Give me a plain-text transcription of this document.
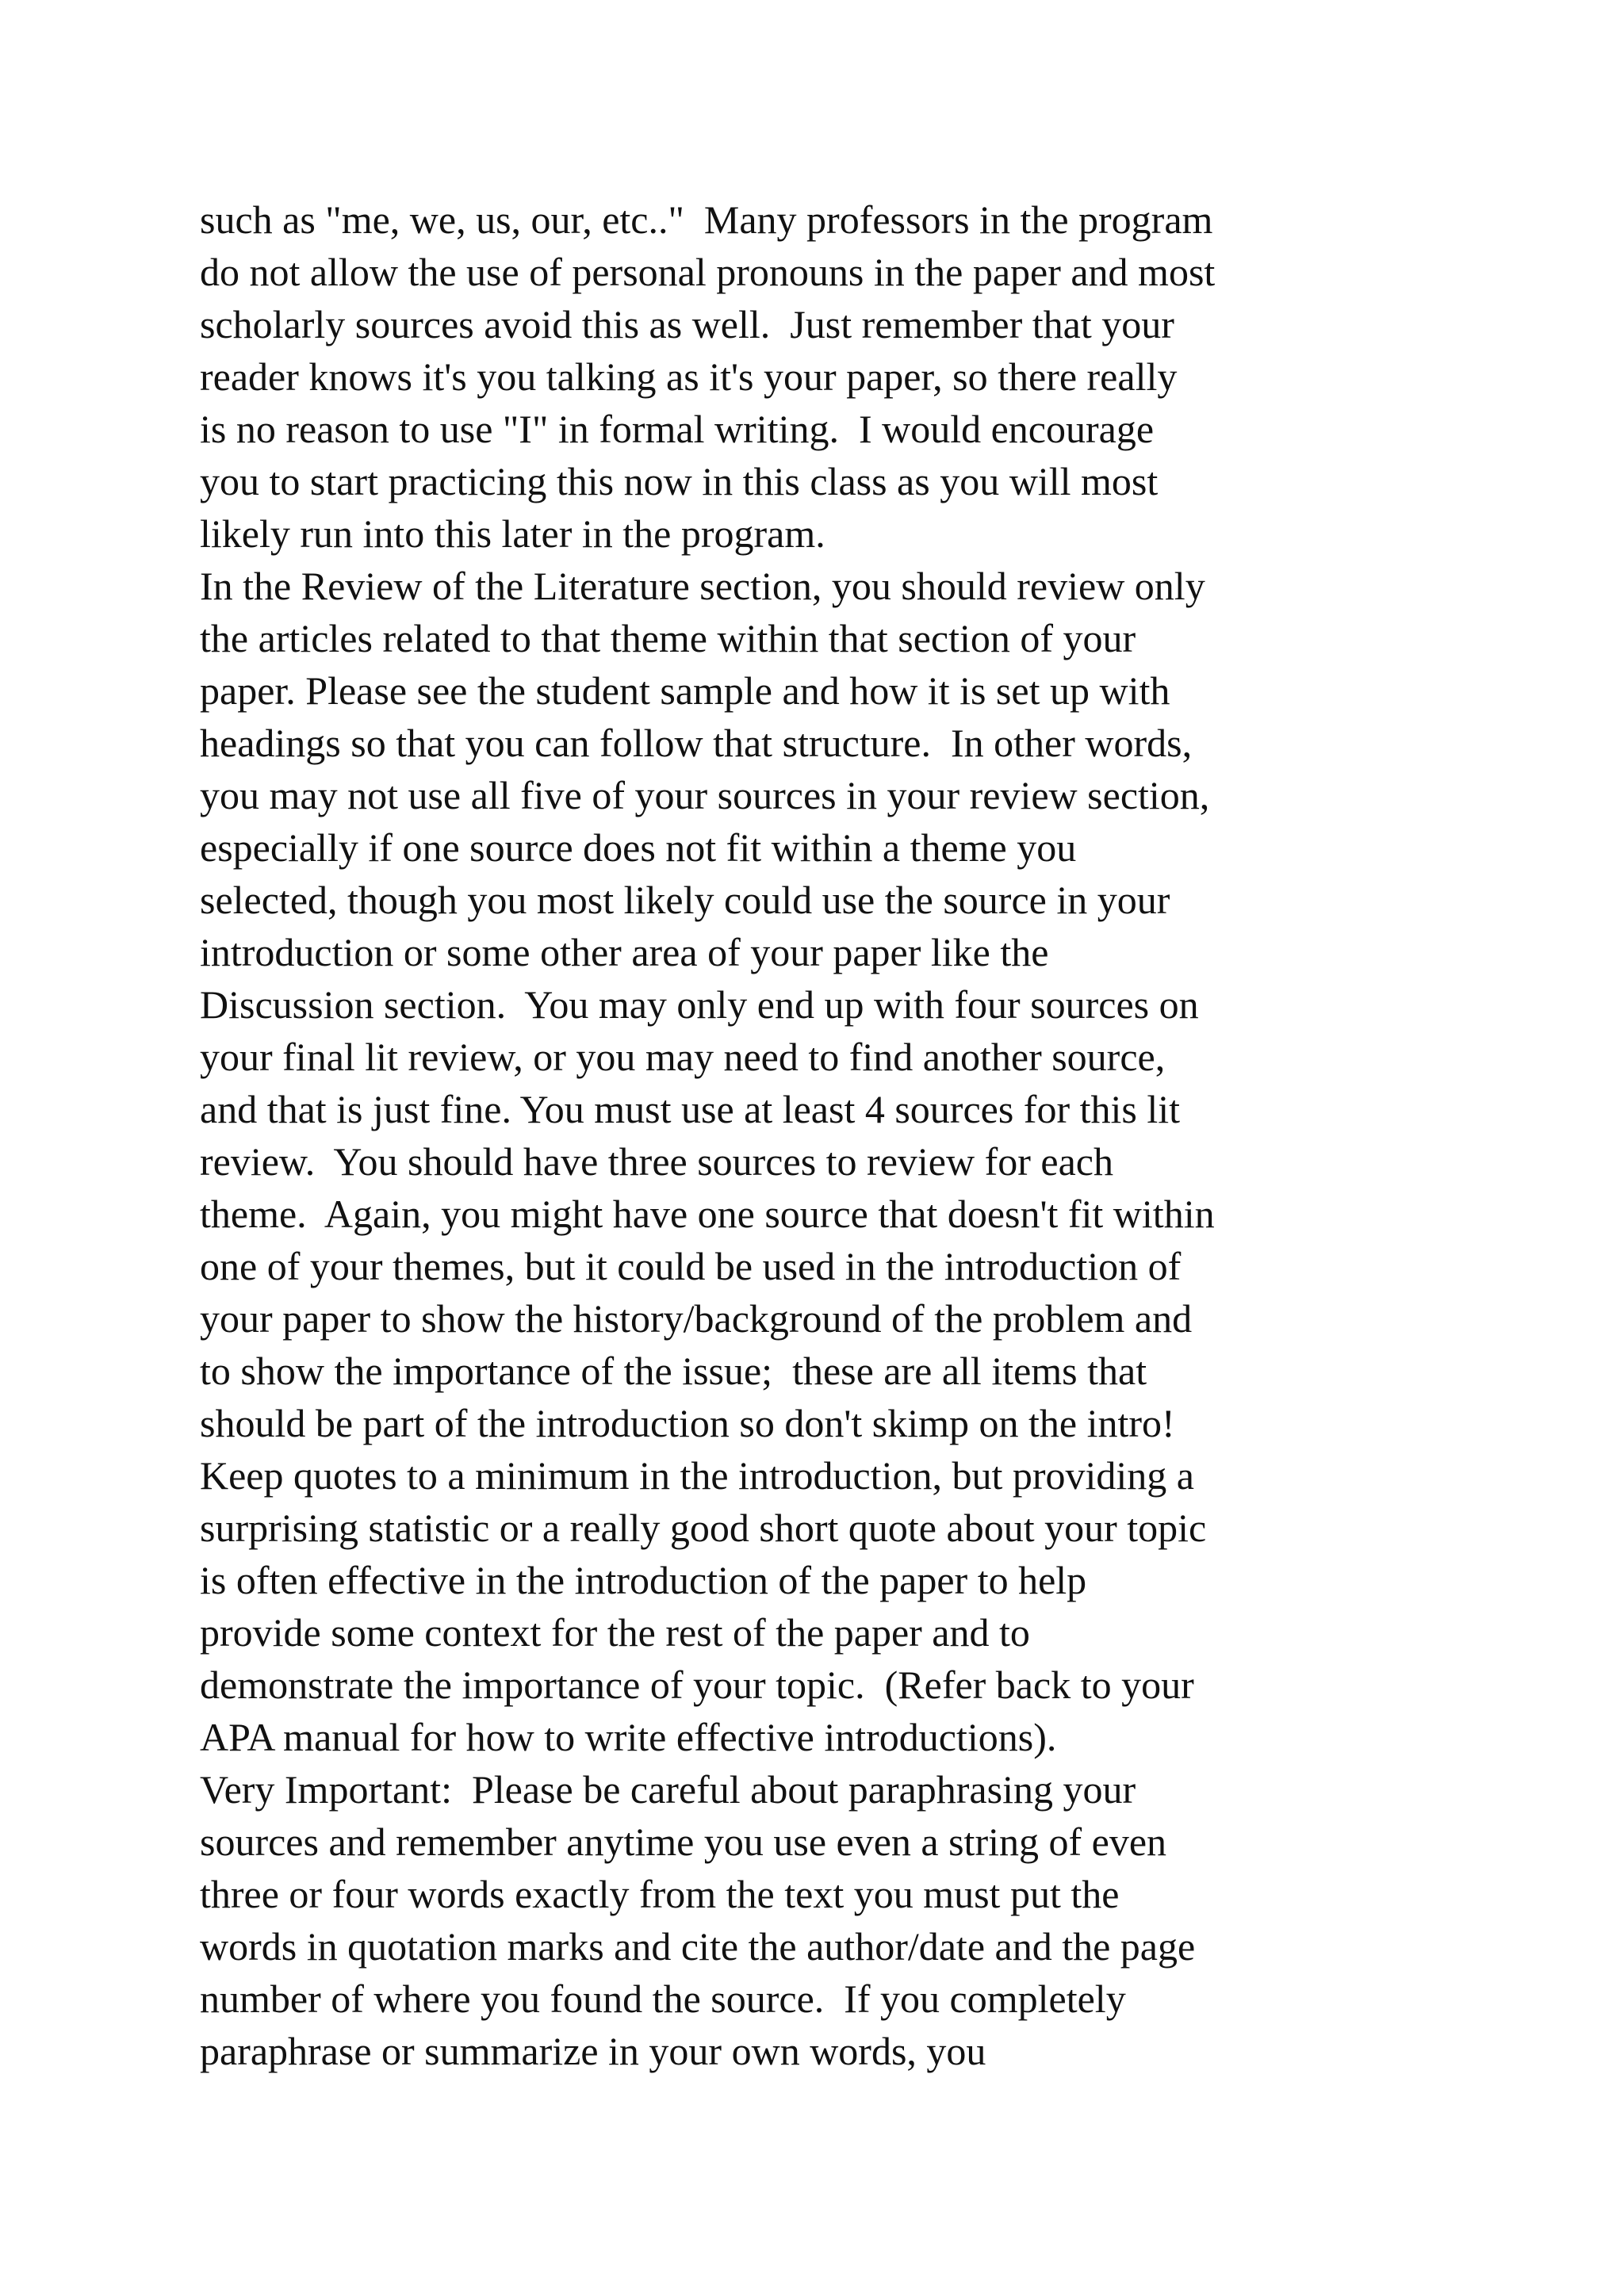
such as "me, we, us, our, etc.."  Many professors in the program
do not allow the use of personal pronouns in the paper and most
scholarly sources avoid this as well.  Just remember that your
reader knows it's you talking as it's your paper, so there really
is no reason to use "I" in formal writing.  I would encourage
you to start practicing this now in this class as you will most
likely run into this later in the program.
In the Review of the Literature section, you should review only
the articles related to that theme within that section of your
paper. Please see the student sample and how it is set up with
headings so that you can follow that structure.  In other words,
you may not use all five of your sources in your review section,
especially if one source does not fit within a theme you
selected, though you most likely could use the source in your
introduction or some other area of your paper like the
Discussion section.  You may only end up with four sources on
your final lit review, or you may need to find another source,
and that is just fine. You must use at least 4 sources for this lit
review.  You should have three sources to review for each
theme.  Again, you might have one source that doesn't fit within
one of your themes, but it could be used in the introduction of
your paper to show the history/background of the problem and
to show the importance of the issue;  these are all items that
should be part of the introduction so don't skimp on the intro!
Keep quotes to a minimum in the introduction, but providing a
surprising statistic or a really good short quote about your topic
is often effective in the introduction of the paper to help
provide some context for the rest of the paper and to
demonstrate the importance of your topic.  (Refer back to your
APA manual for how to write effective introductions).
Very Important:  Please be careful about paraphrasing your
sources and remember anytime you use even a string of even
three or four words exactly from the text you must put the
words in quotation marks and cite the author/date and the page
number of where you found the source.  If you completely
paraphrase or summarize in your own words, you
